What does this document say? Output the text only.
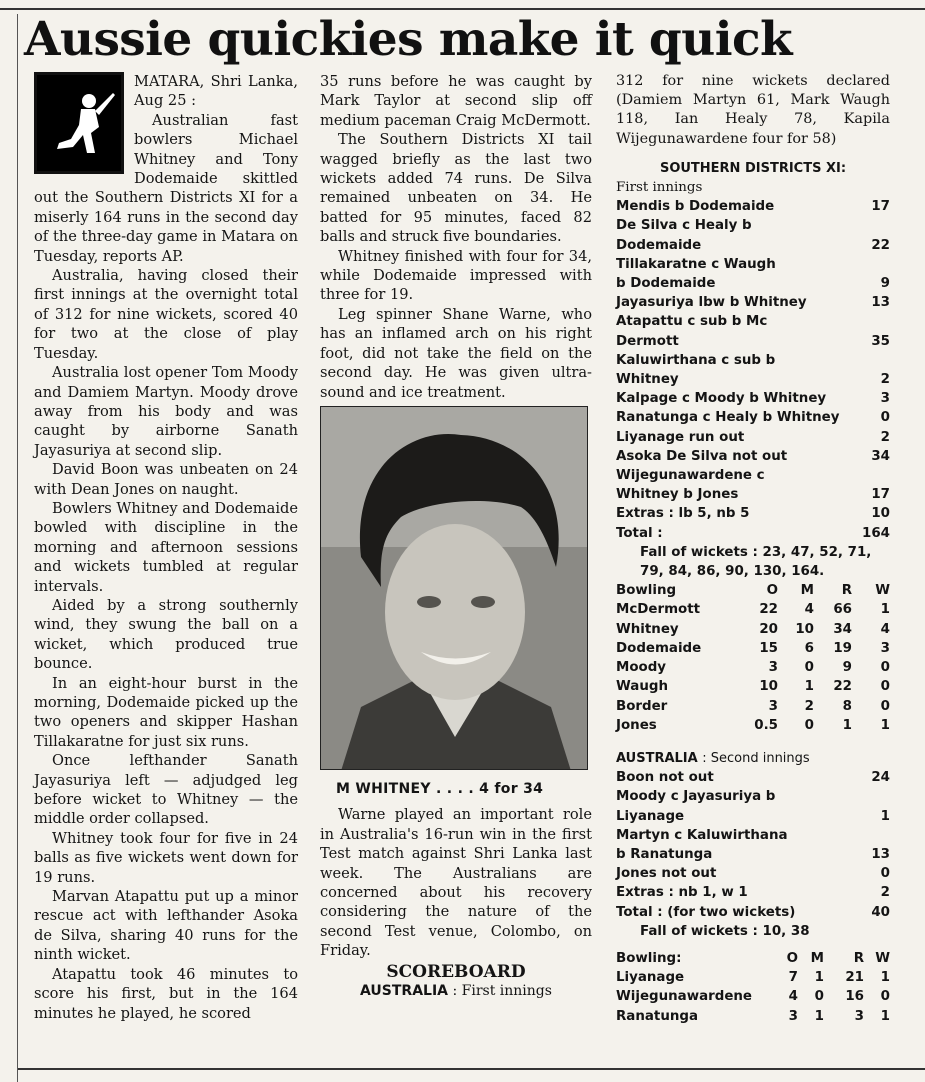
Aussie quickies make it quick

MATARA, Shri Lanka, Aug 25 :

Australian fast bowlers Michael Whitney and Tony Dodemaide skittled out the Southern Districts XI for a miserly 164 runs in the second day of the three-day game in Matara on Tuesday, reports AP.

Australia, having closed their first innings at the overnight total of 312 for nine wickets, scored 40 for two at the close of play Tuesday.

Australia lost opener Tom Moody and Damiem Martyn. Moody drove away from his body and was caught by airborne Sanath Jayasuriya at second slip.

David Boon was unbeaten on 24 with Dean Jones on naught.

Bowlers Whitney and Dodemaide bowled with discipline in the morning and afternoon sessions and wickets tumbled at regular intervals.

Aided by a strong southernly wind, they swung the ball on a wicket, which produced true bounce.

In an eight-hour burst in the morning, Dodemaide picked up the two openers and skipper Hashan Tillakaratne for just six runs.

Once lefthander Sanath Jayasuriya left — adjudged leg before wicket to Whitney — the middle order collapsed.

Whitney took four for five in 24 balls as five wickets went down for 19 runs.

Marvan Atapattu put up a minor rescue act with lefthander Asoka de Silva, sharing 40 runs for the ninth wicket.

Atapattu took 46 minutes to score his first, but in the 164 minutes he played, he scored

35 runs before he was caught by Mark Taylor at second slip off medium paceman Craig McDermott.

The Southern Districts XI tail wagged briefly as the last two wickets added 74 runs. De Silva remained unbeaten on 34. He batted for 95 minutes, faced 82 balls and struck five boundaries.

Whitney finished with four for 34, while Dodemaide impressed with three for 19.

Leg spinner Shane Warne, who has an inflamed arch on his right foot, did not take the field on the second day. He was given ultra-sound and ice treatment.

M WHITNEY . . . . 4 for 34

Warne played an important role in Australia's 16-run win in the first Test match against Shri Lanka last week. The Australians are concerned about his recovery considering the nature of the second Test venue, Colombo, on Friday.

SCOREBOARD
AUSTRALIA : First innings

312 for nine wickets declared (Damiem Martyn 61, Mark Waugh 118, Ian Healy 78, Kapila Wijegunawardene four for 58)

SOUTHERN DISTRICTS XI:
First innings
Mendis b Dodemaide	17
De Silva c Healy b
Dodemaide	22
Tillakaratne c Waugh
b Dodemaide	9
Jayasuriya lbw b Whitney	13
Atapattu c sub b Mc
Dermott	35
Kaluwirthana c sub b
Whitney	2
Kalpage c Moody b Whitney	3
Ranatunga c Healy b Whitney	0
Liyanage run out	2
Asoka De Silva not out	34
Wijegunawardene c
Whitney b Jones	17
Extras : lb 5, nb 5	10
Total :	164
Fall of wickets : 23, 47, 52, 71, 79, 84, 86, 90, 130, 164.
Bowling	O	M	R	W
McDermott	22	4	66	1
Whitney	20	10	34	4
Dodemaide	15	6	19	3
Moody	3	0	9	0
Waugh	10	1	22	0
Border	3	2	8	0
Jones	0.5	0	1	1
AUSTRALIA : Second innings
Boon not out	24
Moody c Jayasuriya b
Liyanage	1
Martyn c Kaluwirthana
b Ranatunga	13
Jones not out	0
Extras : nb 1, w 1	2
Total : (for two wickets)	40
Fall of wickets : 10, 38
Bowling:	O M	R W
Liyanage	7	1	21	1
Wijegunawardene	4	0	16	0
Ranatunga	3	1	3	1
